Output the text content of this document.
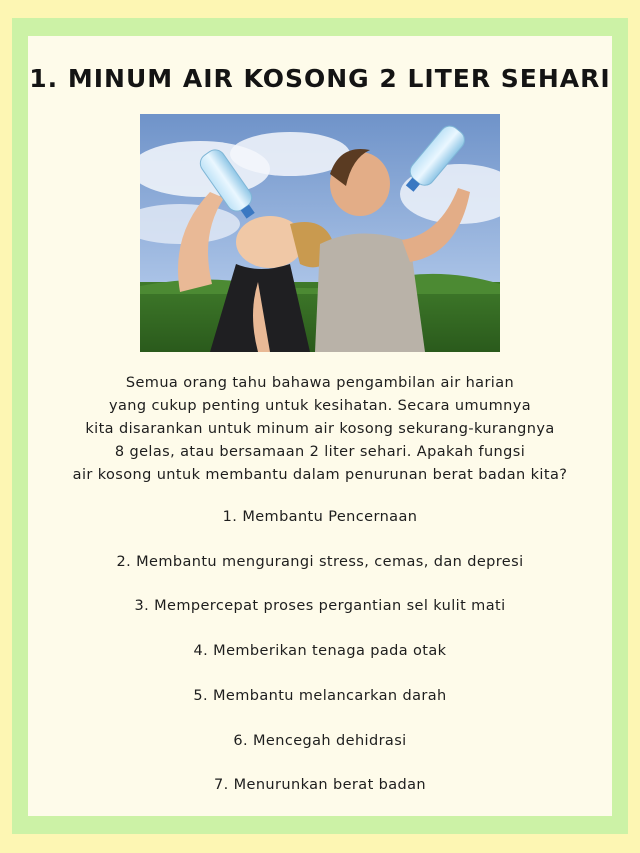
1. MINUM AIR KOSONG 2 LITER SEHARI
Semua orang tahu bahawa pengambilan air harian
yang cukup penting untuk kesihatan. Secara umumnya
kita disarankan untuk minum air kosong sekurang-kurangnya
8 gelas, atau bersamaan 2 liter sehari. Apakah fungsi
air kosong untuk membantu dalam penurunan berat badan kita?
1. Membantu Pencernaan
2. Membantu mengurangi stress, cemas, dan depresi
3. Mempercepat proses pergantian sel kulit mati
4. Memberikan tenaga pada otak
5. Membantu melancarkan darah
6. Mencegah dehidrasi
7. Menurunkan berat badan
